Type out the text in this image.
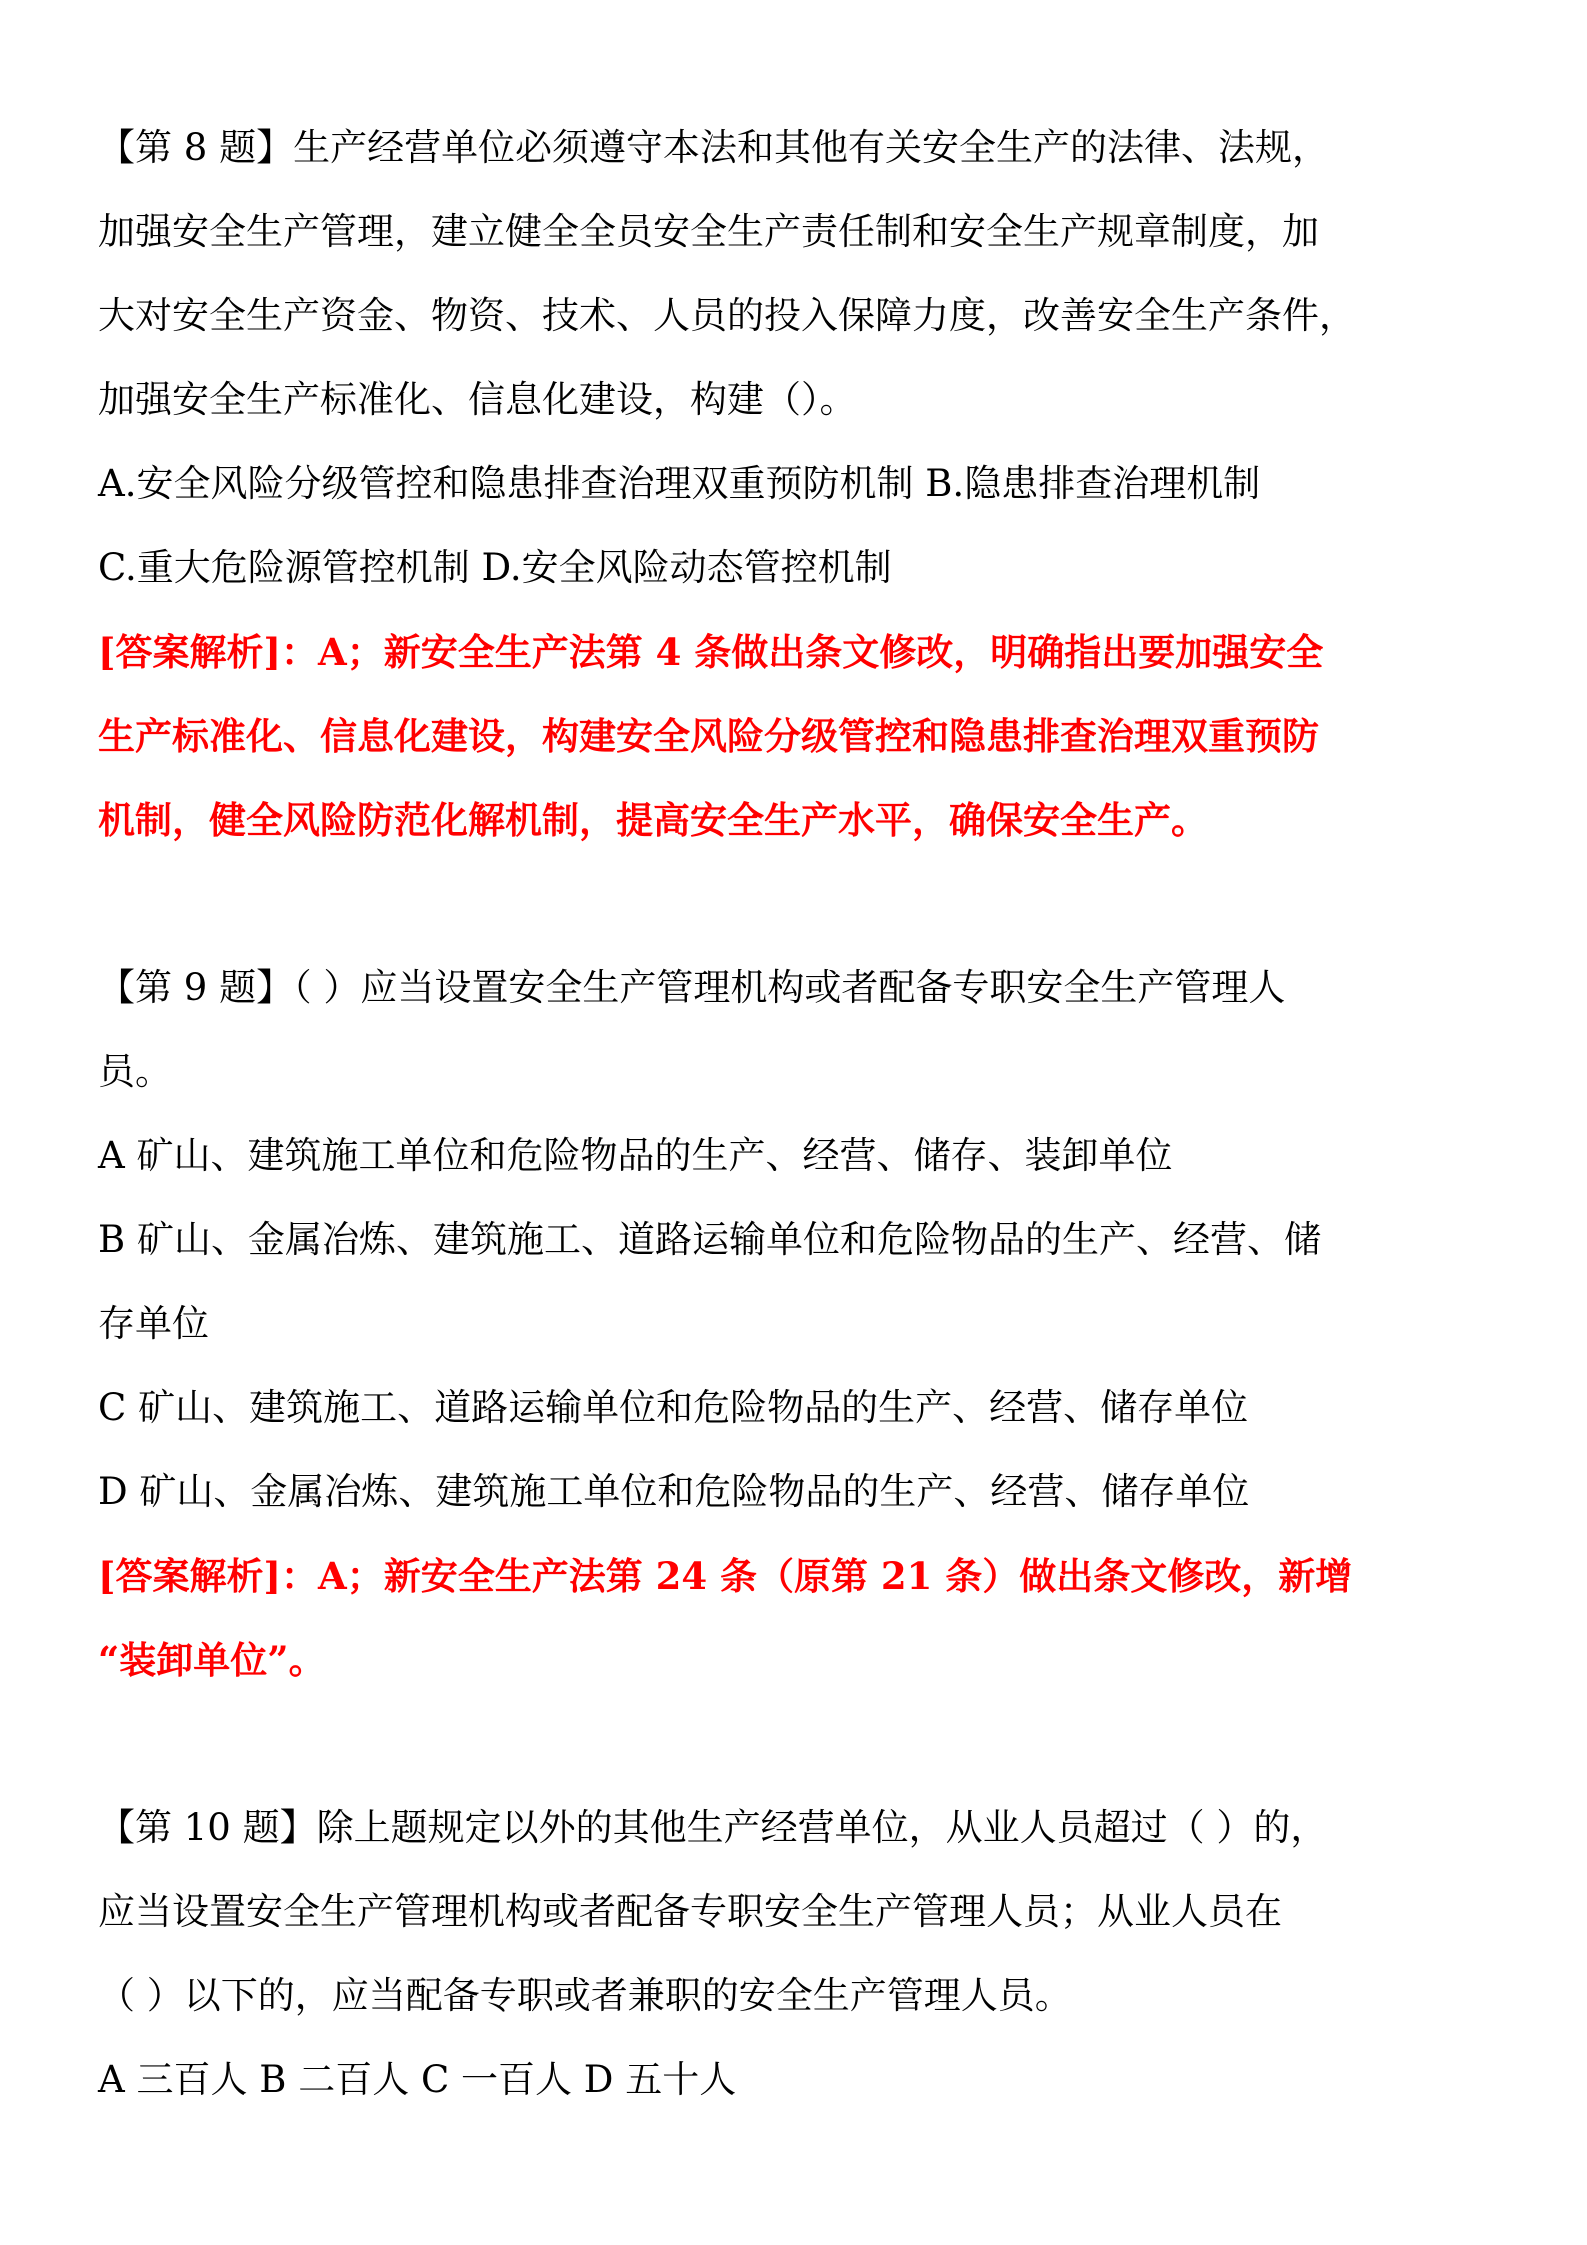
【第 8 题】生产经营单位必须遵守本法和其他有关安全生产的法律、法规，
加强安全生产管理，建立健全全员安全生产责任制和安全生产规章制度，加
大对安全生产资金、物资、技术、人员的投入保障力度，改善安全生产条件，
加强安全生产标准化、信息化建设，构建（）。
A.安全风险分级管控和隐患排查治理双重预防机制 B.隐患排查治理机制
C.重大危险源管控机制 D.安全风险动态管控机制
[答案解析]：A；新安全生产法第 4 条做出条文修改，明确指出要加强安全
生产标准化、信息化建设，构建安全风险分级管控和隐患排查治理双重预防
机制，健全风险防范化解机制，提高安全生产水平，确保安全生产。
【第 9 题】（ ）应当设置安全生产管理机构或者配备专职安全生产管理人
员。
A 矿山、建筑施工单位和危险物品的生产、经营、储存、装卸单位
B 矿山、金属冶炼、建筑施工、道路运输单位和危险物品的生产、经营、储
存单位
C 矿山、建筑施工、道路运输单位和危险物品的生产、经营、储存单位
D 矿山、金属冶炼、建筑施工单位和危险物品的生产、经营、储存单位
[答案解析]：A；新安全生产法第 24 条（原第 21 条）做出条文修改，新增
“装卸单位”。
【第 10 题】除上题规定以外的其他生产经营单位，从业人员超过（ ）的，
应当设置安全生产管理机构或者配备专职安全生产管理人员；从业人员在
（ ）以下的，应当配备专职或者兼职的安全生产管理人员。
A 三百人 B 二百人 C 一百人 D 五十人
